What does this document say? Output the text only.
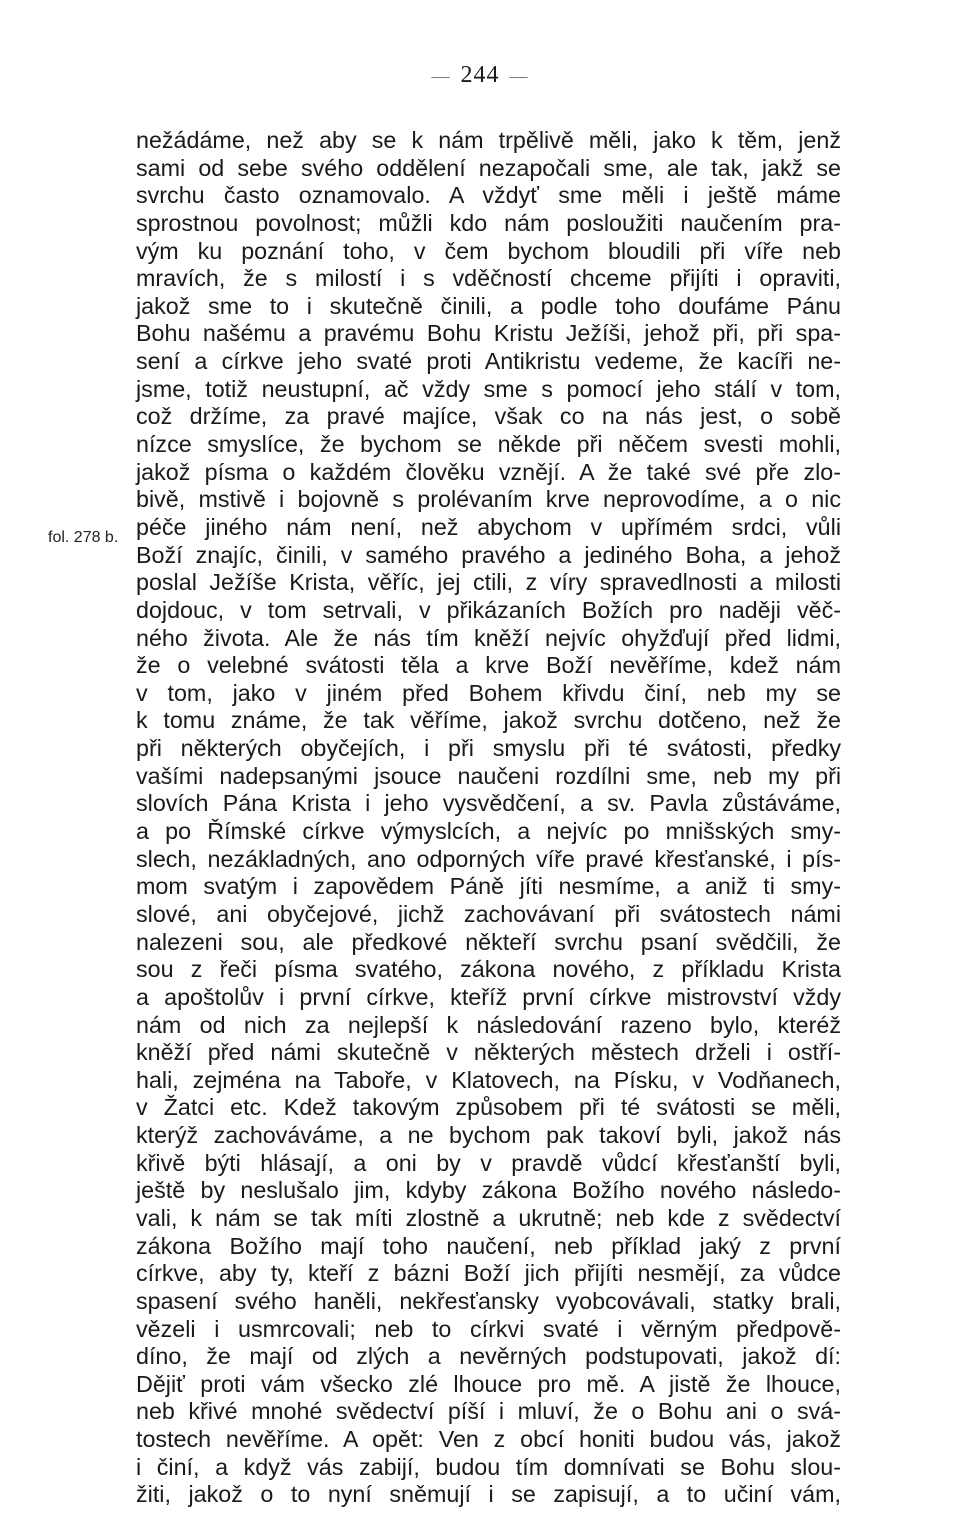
— 244 —
fol. 278 b.
nežádáme, než aby se k nám trpělivě měli, jako k těm, jenž
sami od sebe svého oddělení nezapočali sme, ale tak, jakž se
svrchu často oznamovalo. A vždyť sme měli i ještě máme
sprostnou povolnost; můžli kdo nám posloužiti naučením pra-
vým ku poznání toho, v čem bychom bloudili při víře neb
mravích, že s milostí i s vděčností chceme přijíti i opraviti,
jakož sme to i skutečně činili, a podle toho doufáme Pánu
Bohu našému a pravému Bohu Kristu Ježíši, jehož při, při spa-
sení a církve jeho svaté proti Antikristu vedeme, že kacíři ne-
jsme, totiž neustupní, ač vždy sme s pomocí jeho stálí v tom,
což držíme, za pravé majíce, však co na nás jest, o sobě
nízce smyslíce, že bychom se někde při něčem svesti mohli,
jakož písma o každém člověku vznějí. A že také své pře zlo-
bivě, mstivě i bojovně s prolévaním krve neprovodíme, a o nic
péče jiného nám není, než abychom v upřímém srdci, vůli
Boží znajíc, činili, v samého pravého a jediného Boha, a jehož
poslal Ježíše Krista, věříc, jej ctili, z víry spravedlnosti a milosti
dojdouc, v tom setrvali, v přikázaních Božích pro naději věč-
ného života. Ale že nás tím kněží nejvíc ohyžďují před lidmi,
že o velebné svátosti těla a krve Boží nevěříme, kdež nám
v tom, jako v jiném před Bohem křivdu činí, neb my se
k tomu známe, že tak věříme, jakož svrchu dotčeno, než že
při některých obyčejích, i při smyslu při té svátosti, předky
vašími nadepsanými jsouce naučeni rozdílni sme, neb my při
slovích Pána Krista i jeho vysvědčení, a sv. Pavla zůstáváme,
a po Římské církve výmyslcích, a nejvíc po mnišských smy-
slech, nezákladných, ano odporných víře pravé křesťanské, i pís-
mom svatým i zapovědem Páně jíti nesmíme, a aniž ti smy-
slové, ani obyčejové, jichž zachovávaní při svátostech námi
nalezeni sou, ale předkové někteří svrchu psaní svědčili, že
sou z řeči písma svatého, zákona nového, z příkladu Krista
a apoštolův i první církve, kteříž první církve mistrovství vždy
nám od nich za nejlepší k následování razeno bylo, kteréž
kněží před námi skutečně v některých městech drželi i ostří-
hali, zejména na Taboře, v Klatovech, na Písku, v Vodňanech,
v Žatci etc. Kdež takovým způsobem při té svátosti se měli,
kterýž zachováváme, a ne bychom pak takoví byli, jakož nás
křivě býti hlásají, a oni by v pravdě vůdcí křesťanští byli,
ještě by neslušalo jim, kdyby zákona Božího nového následo-
vali, k nám se tak míti zlostně a ukrutně; neb kde z svědectví
zákona Božího mají toho naučení, neb příklad jaký z první
církve, aby ty, kteří z bázni Boží jich přijíti nesmějí, za vůdce
spasení svého haněli, nekřesťansky vyobcovávali, statky brali,
vězeli i usmrcovali; neb to církvi svaté i věrným předpově-
díno, že mají od zlých a nevěrných podstupovati, jakož dí:
Dějiť proti vám všecko zlé lhouce pro mě. A jistě že lhouce,
neb křivé mnohé svědectví píší i mluví, že o Bohu ani o svá-
tostech nevěříme. A opět: Ven z obcí honiti budou vás, jakož
i činí, a když vás zabijí, budou tím domnívati se Bohu slou-
žiti, jakož o to nyní sněmují i se zapisují, a to učiní vám,
